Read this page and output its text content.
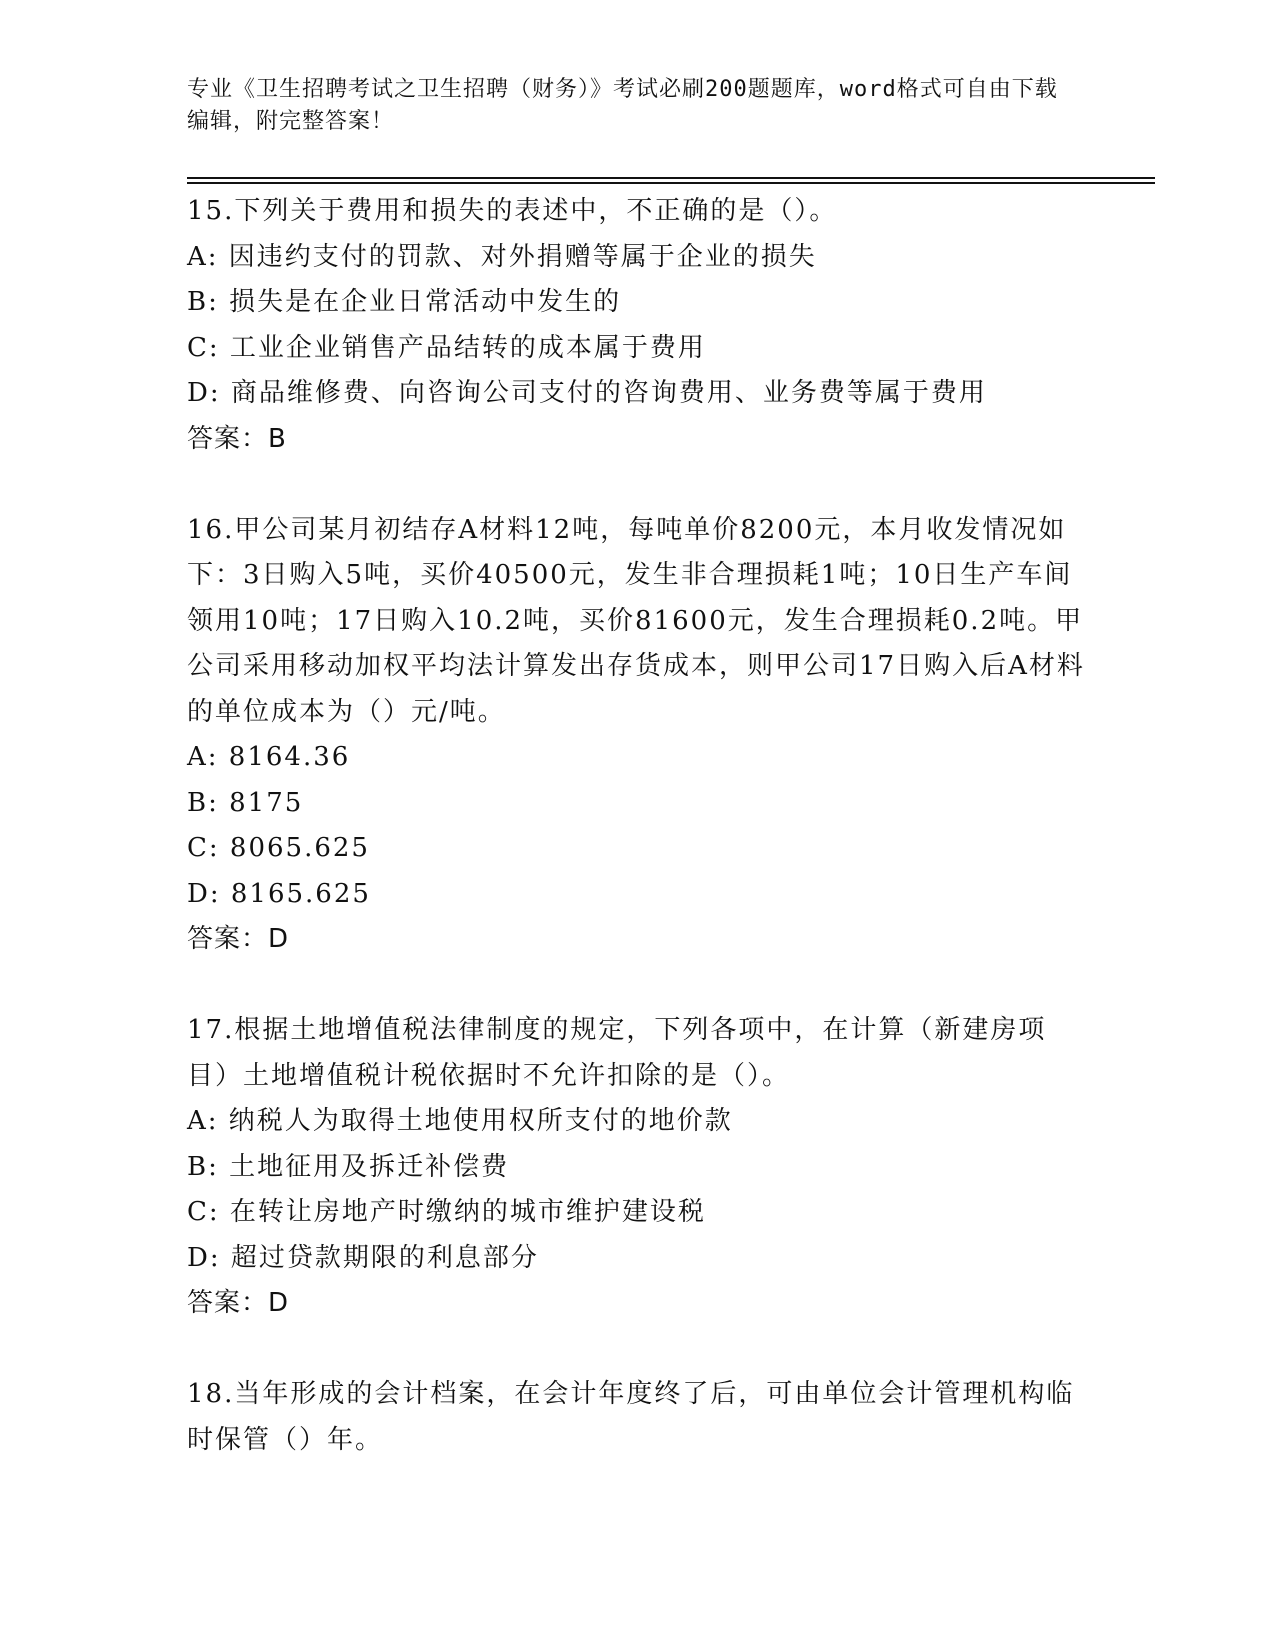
专业《卫生招聘考试之卫生招聘（财务）》考试必刷200题题库，word格式可自由下载编辑，附完整答案！

15.下列关于费用和损失的表述中，不正确的是（）。

A: 因违约支付的罚款、对外捐赠等属于企业的损失

B: 损失是在企业日常活动中发生的

C: 工业企业销售产品结转的成本属于费用

D: 商品维修费、向咨询公司支付的咨询费用、业务费等属于费用

答案：B

16.甲公司某月初结存A材料12吨，每吨单价8200元，本月收发情况如下：3日购入5吨，买价40500元，发生非合理损耗1吨；10日生产车间领用10吨；17日购入10.2吨，买价81600元，发生合理损耗0.2吨。甲公司采用移动加权平均法计算发出存货成本，则甲公司17日购入后A材料的单位成本为（）元/吨。

A: 8164.36

B: 8175

C: 8065.625

D: 8165.625

答案：D

17.根据土地增值税法律制度的规定，下列各项中，在计算（新建房项目）土地增值税计税依据时不允许扣除的是（）。

A: 纳税人为取得土地使用权所支付的地价款

B: 土地征用及拆迁补偿费

C: 在转让房地产时缴纳的城市维护建设税

D: 超过贷款期限的利息部分

答案：D

18.当年形成的会计档案，在会计年度终了后，可由单位会计管理机构临时保管（）年。
